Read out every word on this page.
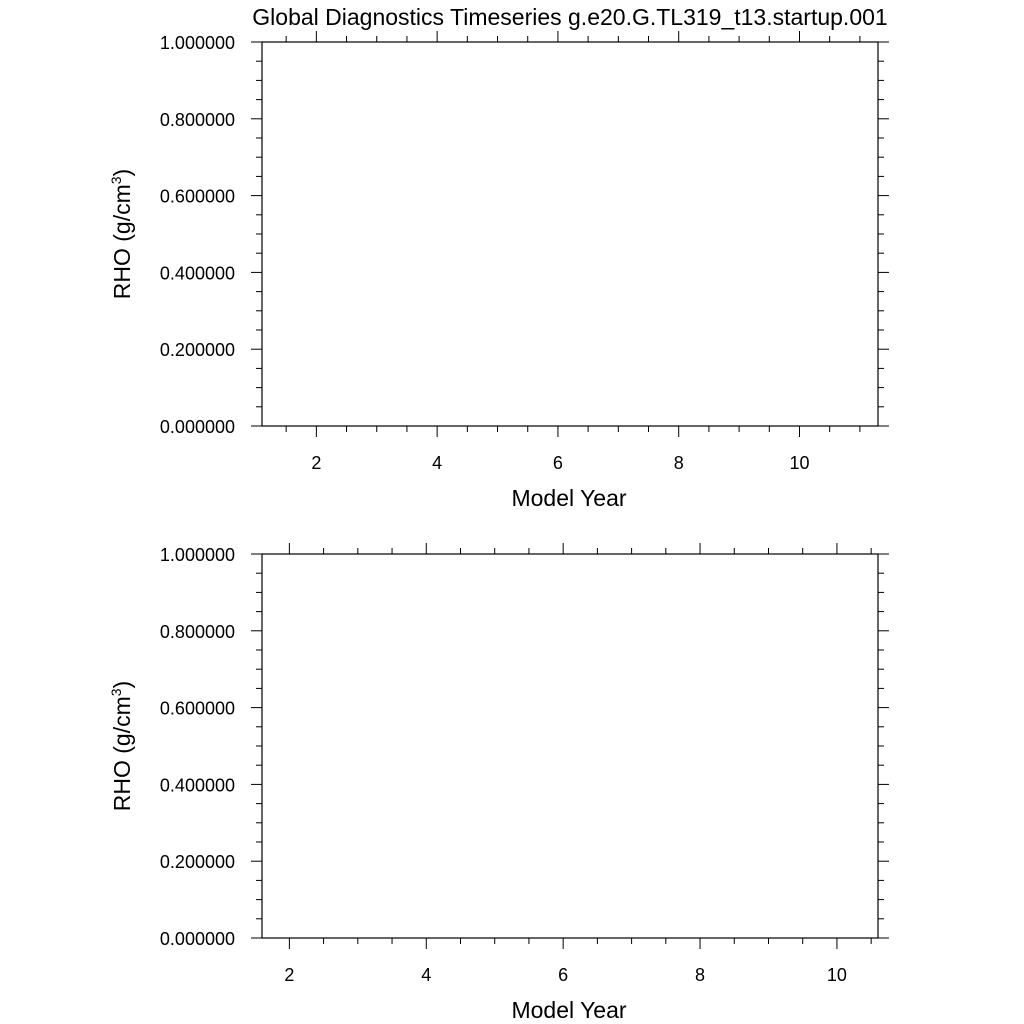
Global Diagnostics Timeseries g.e20.G.TL319_t13.startup.001
2	4	6	8	10
0.000000
0.200000
0.400000
0.600000
0.800000
1.000000
Model Year
RHO $(g/cm^3)$
2	4	6	8	10
0.000000
0.200000
0.400000
0.600000
0.800000
1.000000
Model Year
RHO $(g/cm^3)$
